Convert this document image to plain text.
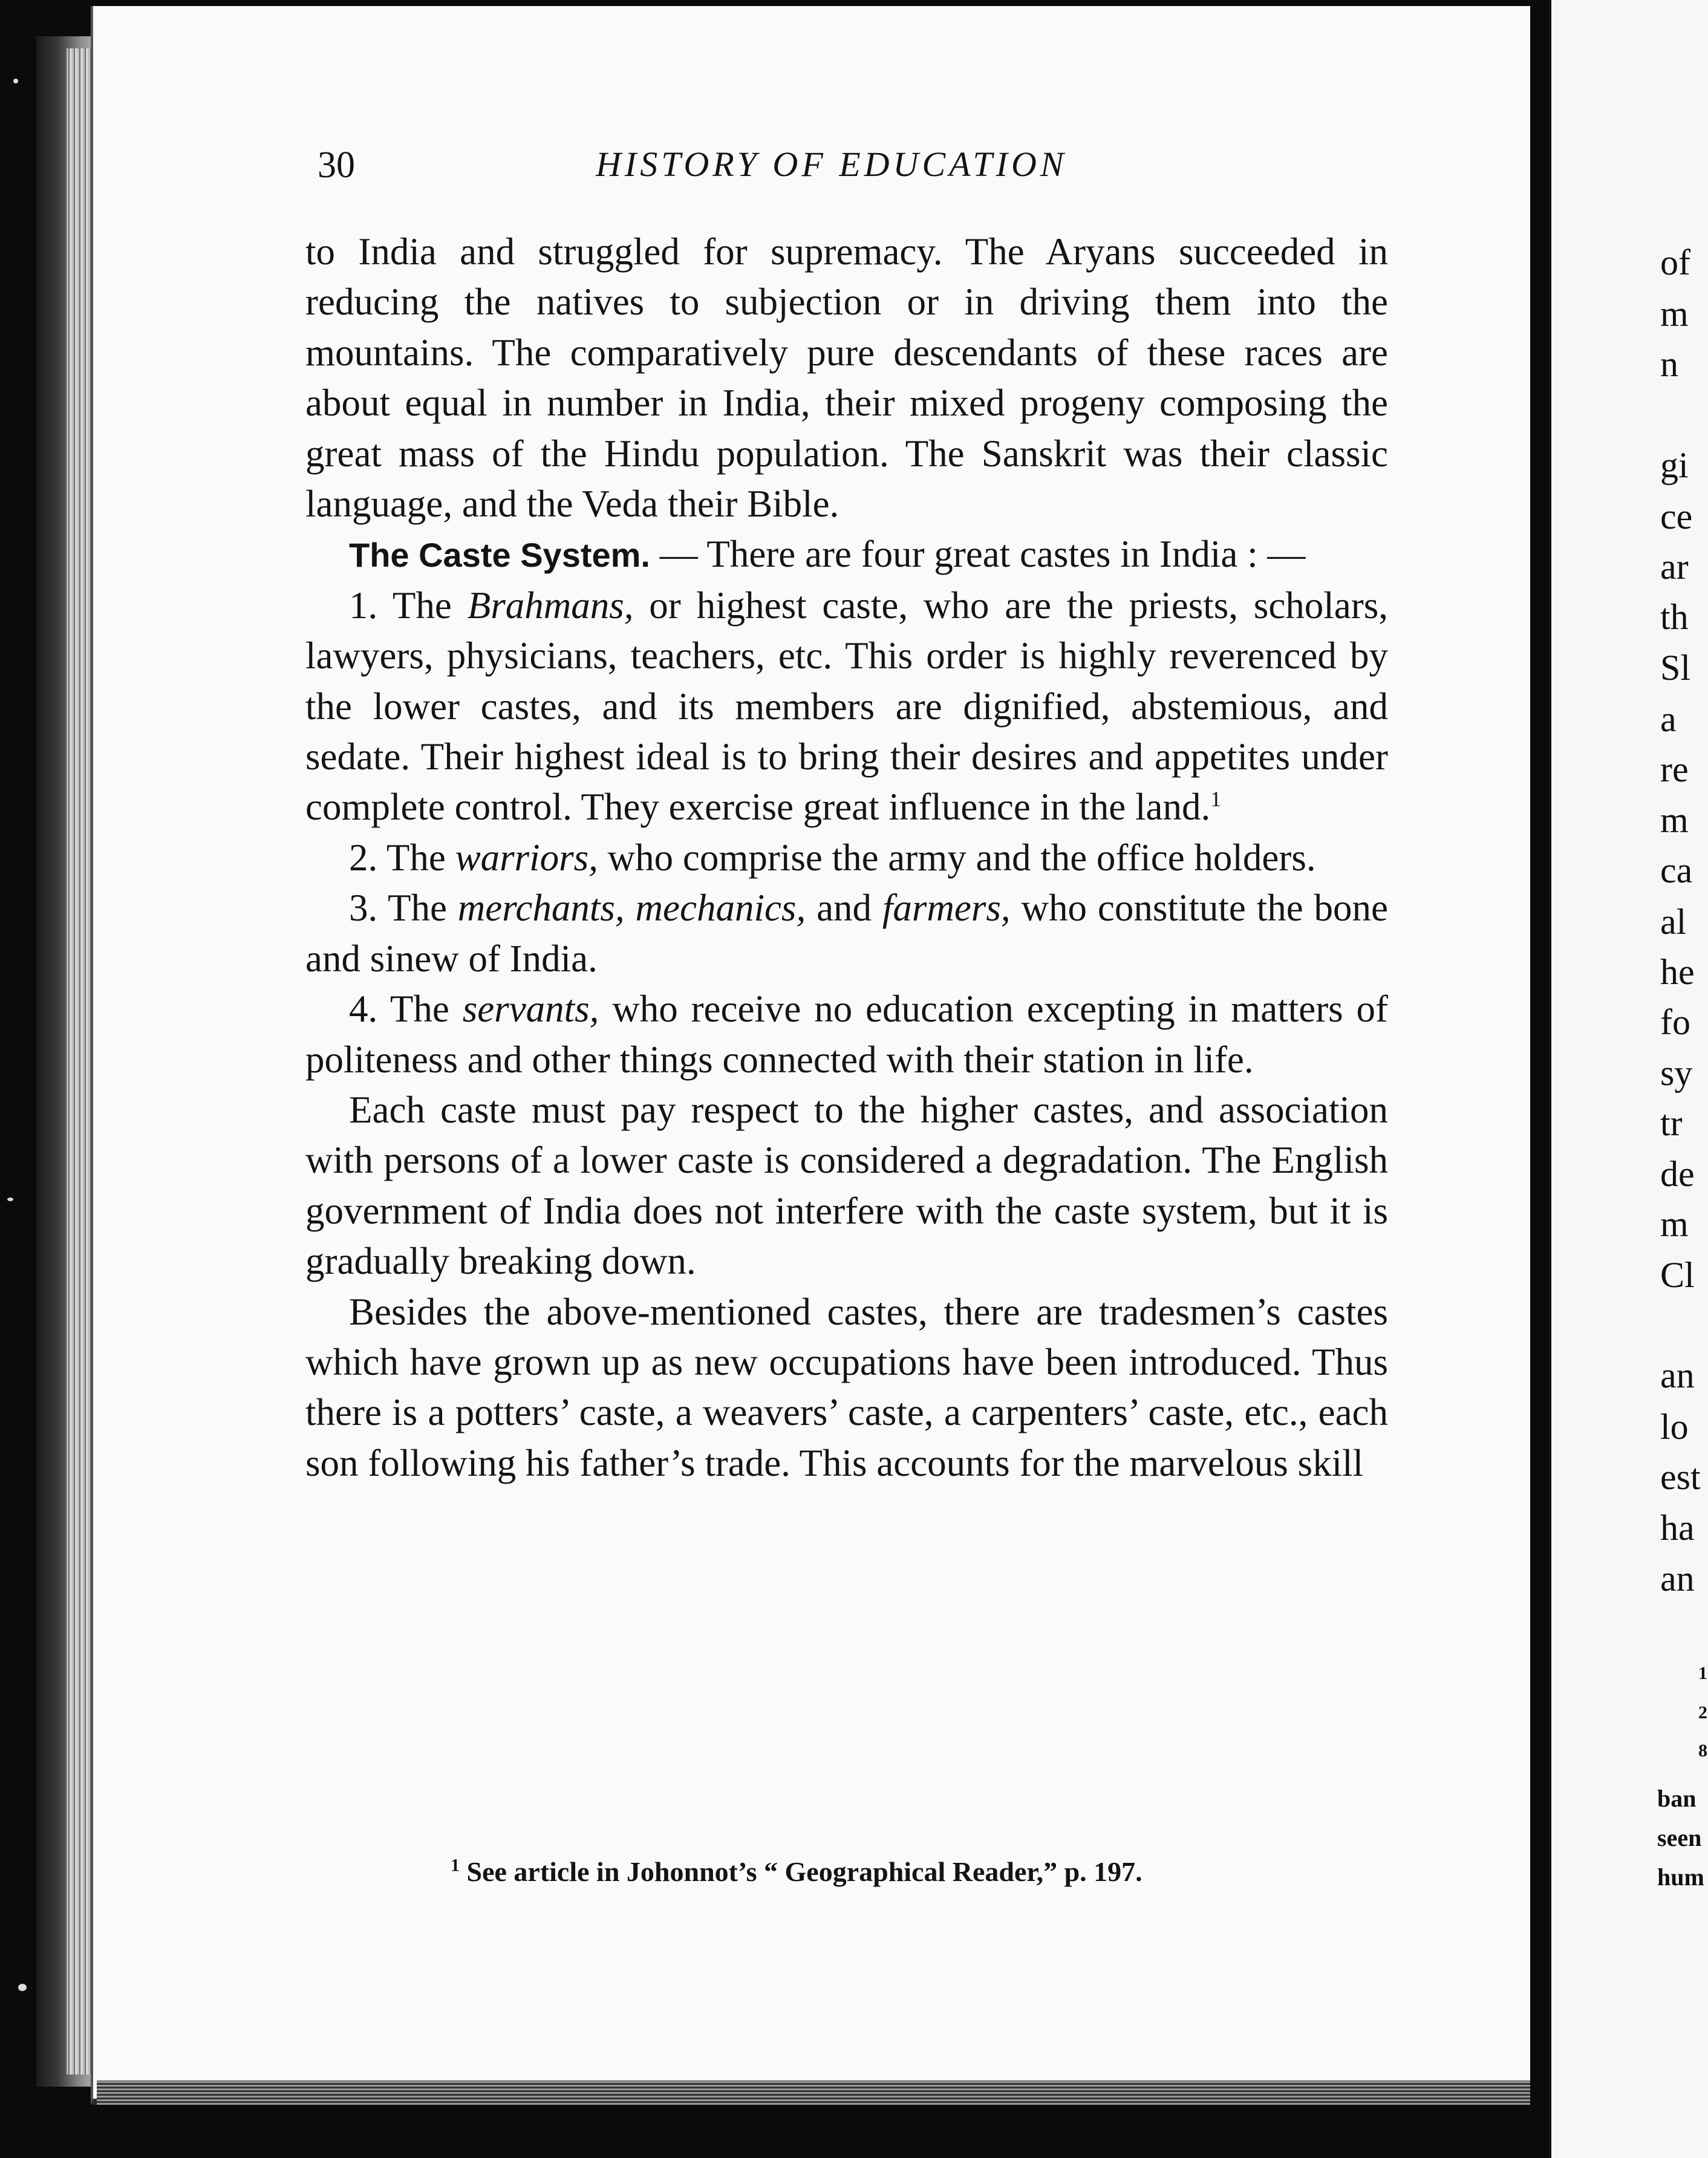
30	HISTORY OF EDUCATION

to India and struggled for supremacy. The Aryans succeeded in reducing the natives to subjection or in driving them into the mountains. The comparatively pure descendants of these races are about equal in number in India, their mixed progeny composing the great mass of the Hindu population. The Sanskrit was their classic language, and the Veda their Bible.

The Caste System. — There are four great castes in India : —

1. The Brahmans, or highest caste, who are the priests, scholars, lawyers, physicians, teachers, etc. This order is highly reverenced by the lower castes, and its members are dignified, abstemious, and sedate. Their highest ideal is to bring their desires and appetites under complete control. They exercise great influence in the land.$^1$

2. The warriors, who comprise the army and the office holders.

3. The merchants, mechanics, and farmers, who constitute the bone and sinew of India.

4. The servants, who receive no education excepting in matters of politeness and other things connected with their station in life.

Each caste must pay respect to the higher castes, and association with persons of a lower caste is considered a degradation. The English government of India does not interfere with the caste system, but it is gradually breaking down.

Besides the above-mentioned castes, there are tradesmen’s castes which have grown up as new occupations have been introduced. Thus there is a potters’ caste, a weavers’ caste, a carpenters’ caste, etc., each son following his father’s trade. This accounts for the marvelous skill

$^1$ See article in Johonnot’s “ Geographical Reader,” p. 197.
of
m
n
gi
ce
ar
th
Sl
a
re
m
ca
al
he
fo
sy
tr
de
m
Cl
an
lo
est
ha
an
1
2
8
ban
seen
hum
